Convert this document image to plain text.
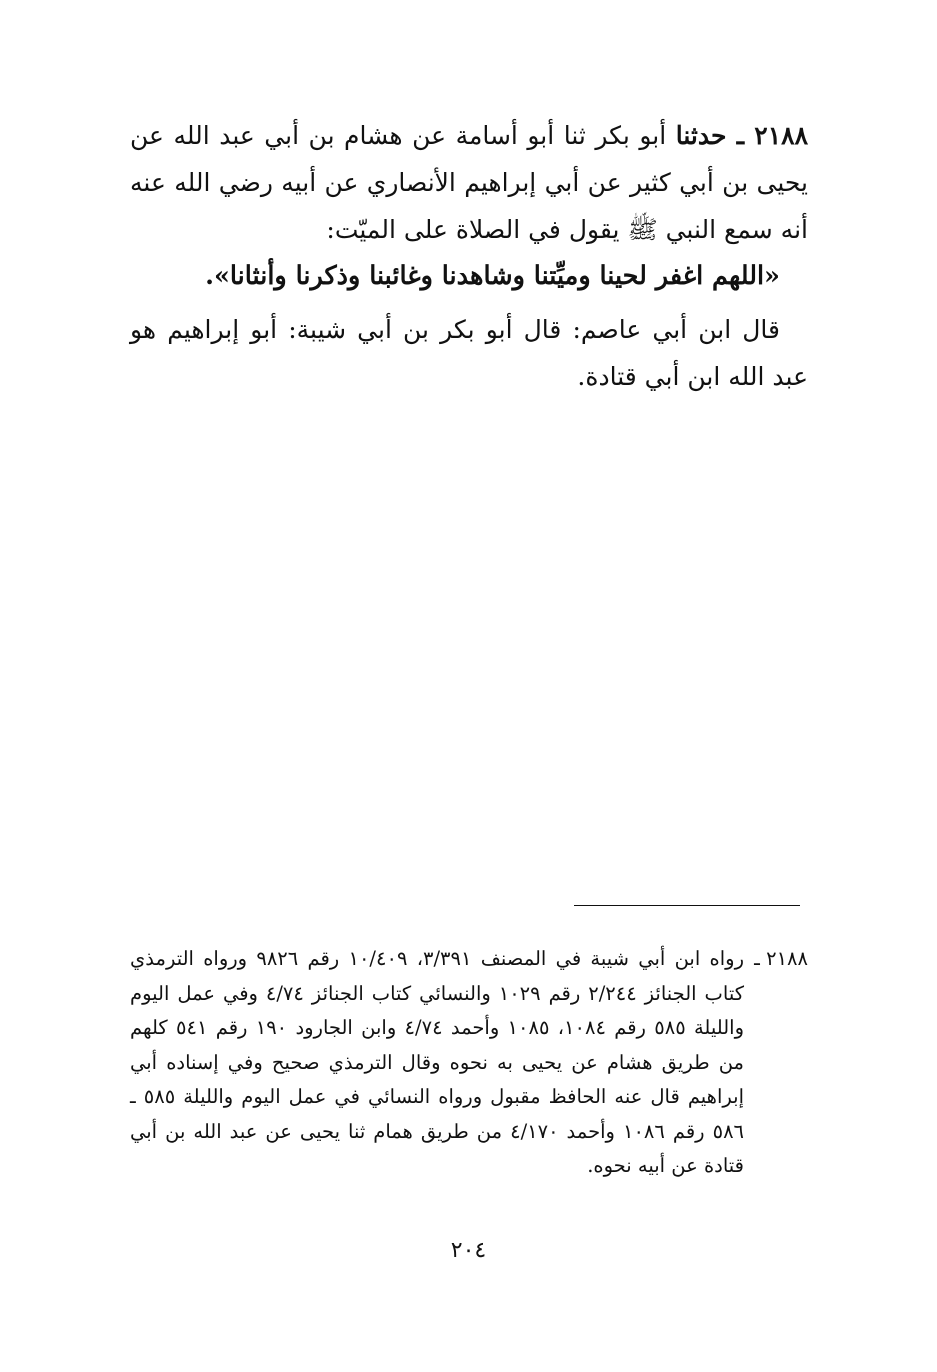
٢١٨٨ ـ حدثنا أبو بكر ثنا أبو أسامة عن هشام بن أبي عبد الله عن يحيى بن أبي كثير عن أبي إبراهيم الأنصاري عن أبيه رضي الله عنه أنه سمع النبي ﷺ يقول في الصلاة على الميّت:

«اللهم اغفر لحينا وميِّتنا وشاهدنا وغائبنا وذكرنا وأنثانا».

قال ابن أبي عاصم: قال أبو بكر بن أبي شيبة: أبو إبراهيم هو عبد الله ابن أبي قتادة.

٢١٨٨ ـ
رواه ابن أبي شيبة في المصنف ٣/٣٩١، ١٠/٤٠٩ رقم ٩٨٢٦ ورواه الترمذي كتاب الجنائز ٢/٢٤٤ رقم ١٠٢٩ والنسائي كتاب الجنائز ٤/٧٤ وفي عمل اليوم والليلة ٥٨٥ رقم ١٠٨٤، ١٠٨٥ وأحمد ٤/٧٤ وابن الجارود ١٩٠ رقم ٥٤١ كلهم من طريق هشام عن يحيى به نحوه وقال الترمذي صحيح وفي إسناده أبي إبراهيم قال عنه الحافظ مقبول ورواه النسائي في عمل اليوم والليلة ٥٨٥ ـ ٥٨٦ رقم ١٠٨٦ وأحمد ٤/١٧٠ من طريق همام ثنا يحيى عن عبد الله بن أبي قتادة عن أبيه نحوه.
٢٠٤
